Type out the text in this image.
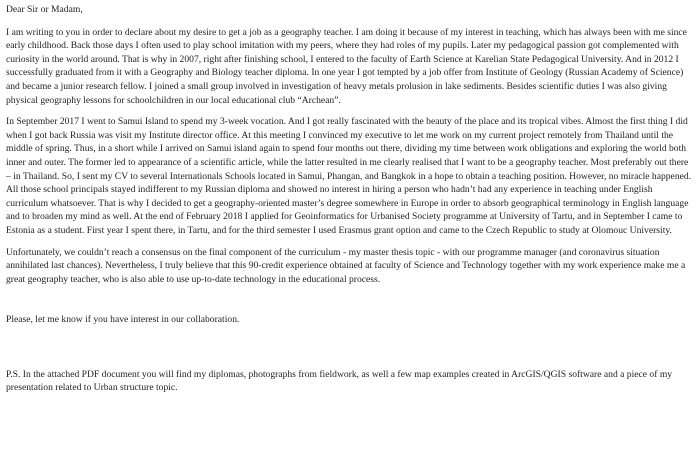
Dear Sir or Madam,

I am writing to you in order to declare about my desire to get a job as a geography teacher. I am doing it because of my interest in teaching, which has always been with me since early childhood. Back those days I often used to play school imitation with my peers, where they had roles of my pupils. Later my pedagogical passion got complemented with curiosity in the world around. That is why in 2007, right after finishing school, I entered to the faculty of Earth Science at Karelian State Pedagogical University. And in 2012 I successfully graduated from it with a Geography and Biology teacher diploma. In one year I got tempted by a job offer from Institute of Geology (Russian Academy of Science) and became a junior research fellow. I joined a small group involved in investigation of heavy metals prolusion in lake sediments. Besides scientific duties I was also giving physical geography lessons for schoolchildren in our local educational club “Archean”.

In September 2017 I went to Samui Island to spend my 3-week vocation. And I got really fascinated with the beauty of the place and its tropical vibes. Almost the first thing I did when I got back Russia was visit my Institute director office. At this meeting I convinced my executive to let me work on my current project remotely from Thailand until the middle of spring. Thus, in a short while I arrived on Samui island again to spend four months out there, dividing my time between work obligations and exploring the world both inner and outer. The former led to appearance of a scientific article, while the latter resulted in me clearly realised that I want to be a geography teacher. Most preferably out there – in Thailand. So, I sent my CV to several Internationals Schools located in Samui, Phangan, and Bangkok in a hope to obtain a teaching position. However, no miracle happened. All those school principals stayed indifferent to my Russian diploma and showed no interest in hiring a person who hadn’t had any experience in teaching under English curriculum whatsoever. That is why I decided to get a geography-oriented master’s degree somewhere in Europe in order to absorb geographical terminology in English language and to broaden my mind as well. At the end of February 2018 I applied for Geoinformatics for Urbanised Society programme at University of Tartu, and in September I came to Estonia as a student. First year I spent there, in Tartu, and for the third semester I used Erasmus grant option and came to the Czech Republic to study at Olomouc University.

Unfortunately, we couldn’t reach a consensus on the final component of the curriculum - my master thesis topic - with our programme manager (and coronavirus situation annihilated last chances). Nevertheless, I truly believe that this 90-credit experience obtained at faculty of Science and Technology together with my work experience make me a great geography teacher, who is also able to use up-to-date technology in the educational process.

Please, let me know if you have interest in our collaboration.

P.S. In the attached PDF document you will find my diplomas, photographs from fieldwork, as well a few map examples created in ArcGIS/QGIS software and a piece of my presentation related to Urban structure topic.
